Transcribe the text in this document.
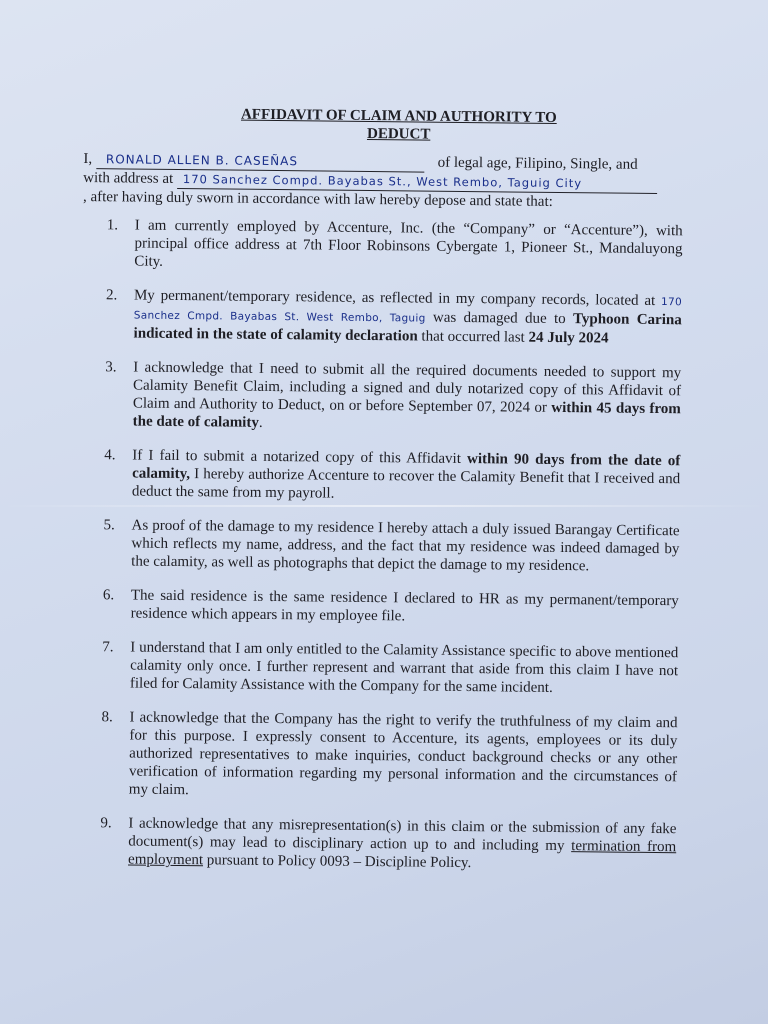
AFFIDAVIT OF CLAIM AND AUTHORITY TO
DEDUCT

I, RONALD ALLEN B. CASEÑAS	of legal age, Filipino, Single, and
with address at 170 Sanchez Compd. Bayabas St., West Rembo, Taguig City
, after having duly sworn in accordance with law hereby depose and state that:

1. I am currently employed by Accenture, Inc. (the “Company” or “Accenture”), with principal office address at 7th Floor Robinsons Cybergate 1, Pioneer St., Mandaluyong City.
2. My permanent/temporary residence, as reflected in my company records, located at 170 Sanchez Cmpd. Bayabas St. West Rembo, Taguig was damaged due to Typhoon Carina indicated in the state of calamity declaration that occurred last 24 July 2024
3. I acknowledge that I need to submit all the required documents needed to support my Calamity Benefit Claim, including a signed and duly notarized copy of this Affidavit of Claim and Authority to Deduct, on or before September 07, 2024 or within 45 days from the date of calamity.
4. If I fail to submit a notarized copy of this Affidavit within 90 days from the date of calamity, I hereby authorize Accenture to recover the Calamity Benefit that I received and deduct the same from my payroll.
5. As proof of the damage to my residence I hereby attach a duly issued Barangay Certificate which reflects my name, address, and the fact that my residence was indeed damaged by the calamity, as well as photographs that depict the damage to my residence.
6. The said residence is the same residence I declared to HR as my permanent/temporary residence which appears in my employee file.
7. I understand that I am only entitled to the Calamity Assistance specific to above mentioned calamity only once. I further represent and warrant that aside from this claim I have not filed for Calamity Assistance with the Company for the same incident.
8. I acknowledge that the Company has the right to verify the truthfulness of my claim and for this purpose. I expressly consent to Accenture, its agents, employees or its duly authorized representatives to make inquiries, conduct background checks or any other verification of information regarding my personal information and the circumstances of my claim.
9. I acknowledge that any misrepresentation(s) in this claim or the submission of any fake document(s) may lead to disciplinary action up to and including my termination from employment pursuant to Policy 0093 – Discipline Policy.
